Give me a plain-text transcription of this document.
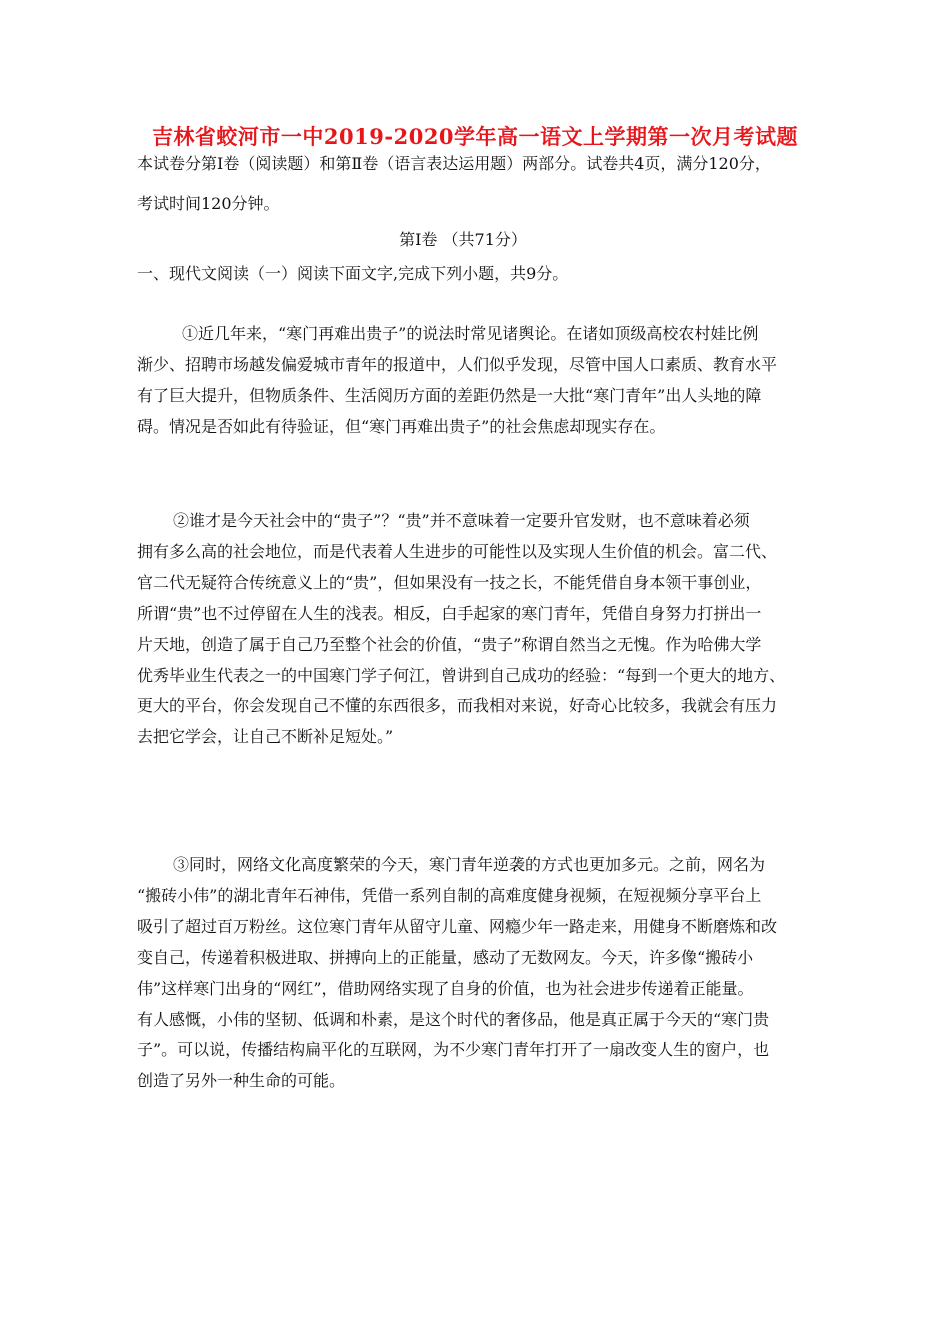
吉林省蛟河市一中2019-2020学年高一语文上学期第一次月考试题
本试卷分第Ⅰ卷（阅读题）和第Ⅱ卷（语言表达运用题）两部分。试卷共4页，满分120分，
考试时间120分钟。
第Ⅰ卷 （共71分）
一、现代文阅读（一）阅读下面文字,完成下列小题，共9分。
①近几年来，“寒门再难出贵子”的说法时常见诸舆论。在诸如顶级高校农村娃比例
渐少、招聘市场越发偏爱城市青年的报道中，人们似乎发现，尽管中国人口素质、教育水平
有了巨大提升，但物质条件、生活阅历方面的差距仍然是一大批“寒门青年”出人头地的障
碍。情况是否如此有待验证，但“寒门再难出贵子”的社会焦虑却现实存在。
②谁才是今天社会中的“贵子”？“贵”并不意味着一定要升官发财，也不意味着必须
拥有多么高的社会地位，而是代表着人生进步的可能性以及实现人生价值的机会。富二代、
官二代无疑符合传统意义上的“贵”，但如果没有一技之长，不能凭借自身本领干事创业，
所谓“贵”也不过停留在人生的浅表。相反，白手起家的寒门青年，凭借自身努力打拼出一
片天地，创造了属于自己乃至整个社会的价值，“贵子”称谓自然当之无愧。作为哈佛大学
优秀毕业生代表之一的中国寒门学子何江，曾讲到自己成功的经验：“每到一个更大的地方、
更大的平台，你会发现自己不懂的东西很多，而我相对来说，好奇心比较多，我就会有压力
去把它学会，让自己不断补足短处。”
③同时，网络文化高度繁荣的今天，寒门青年逆袭的方式也更加多元。之前，网名为
“搬砖小伟”的湖北青年石神伟，凭借一系列自制的高难度健身视频，在短视频分享平台上
吸引了超过百万粉丝。这位寒门青年从留守儿童、网瘾少年一路走来，用健身不断磨炼和改
变自己，传递着积极进取、拼搏向上的正能量，感动了无数网友。今天，许多像“搬砖小
伟”这样寒门出身的“网红”，借助网络实现了自身的价值，也为社会进步传递着正能量。
有人感慨，小伟的坚韧、低调和朴素，是这个时代的奢侈品，他是真正属于今天的“寒门贵
子”。可以说，传播结构扁平化的互联网，为不少寒门青年打开了一扇改变人生的窗户，也
创造了另外一种生命的可能。
